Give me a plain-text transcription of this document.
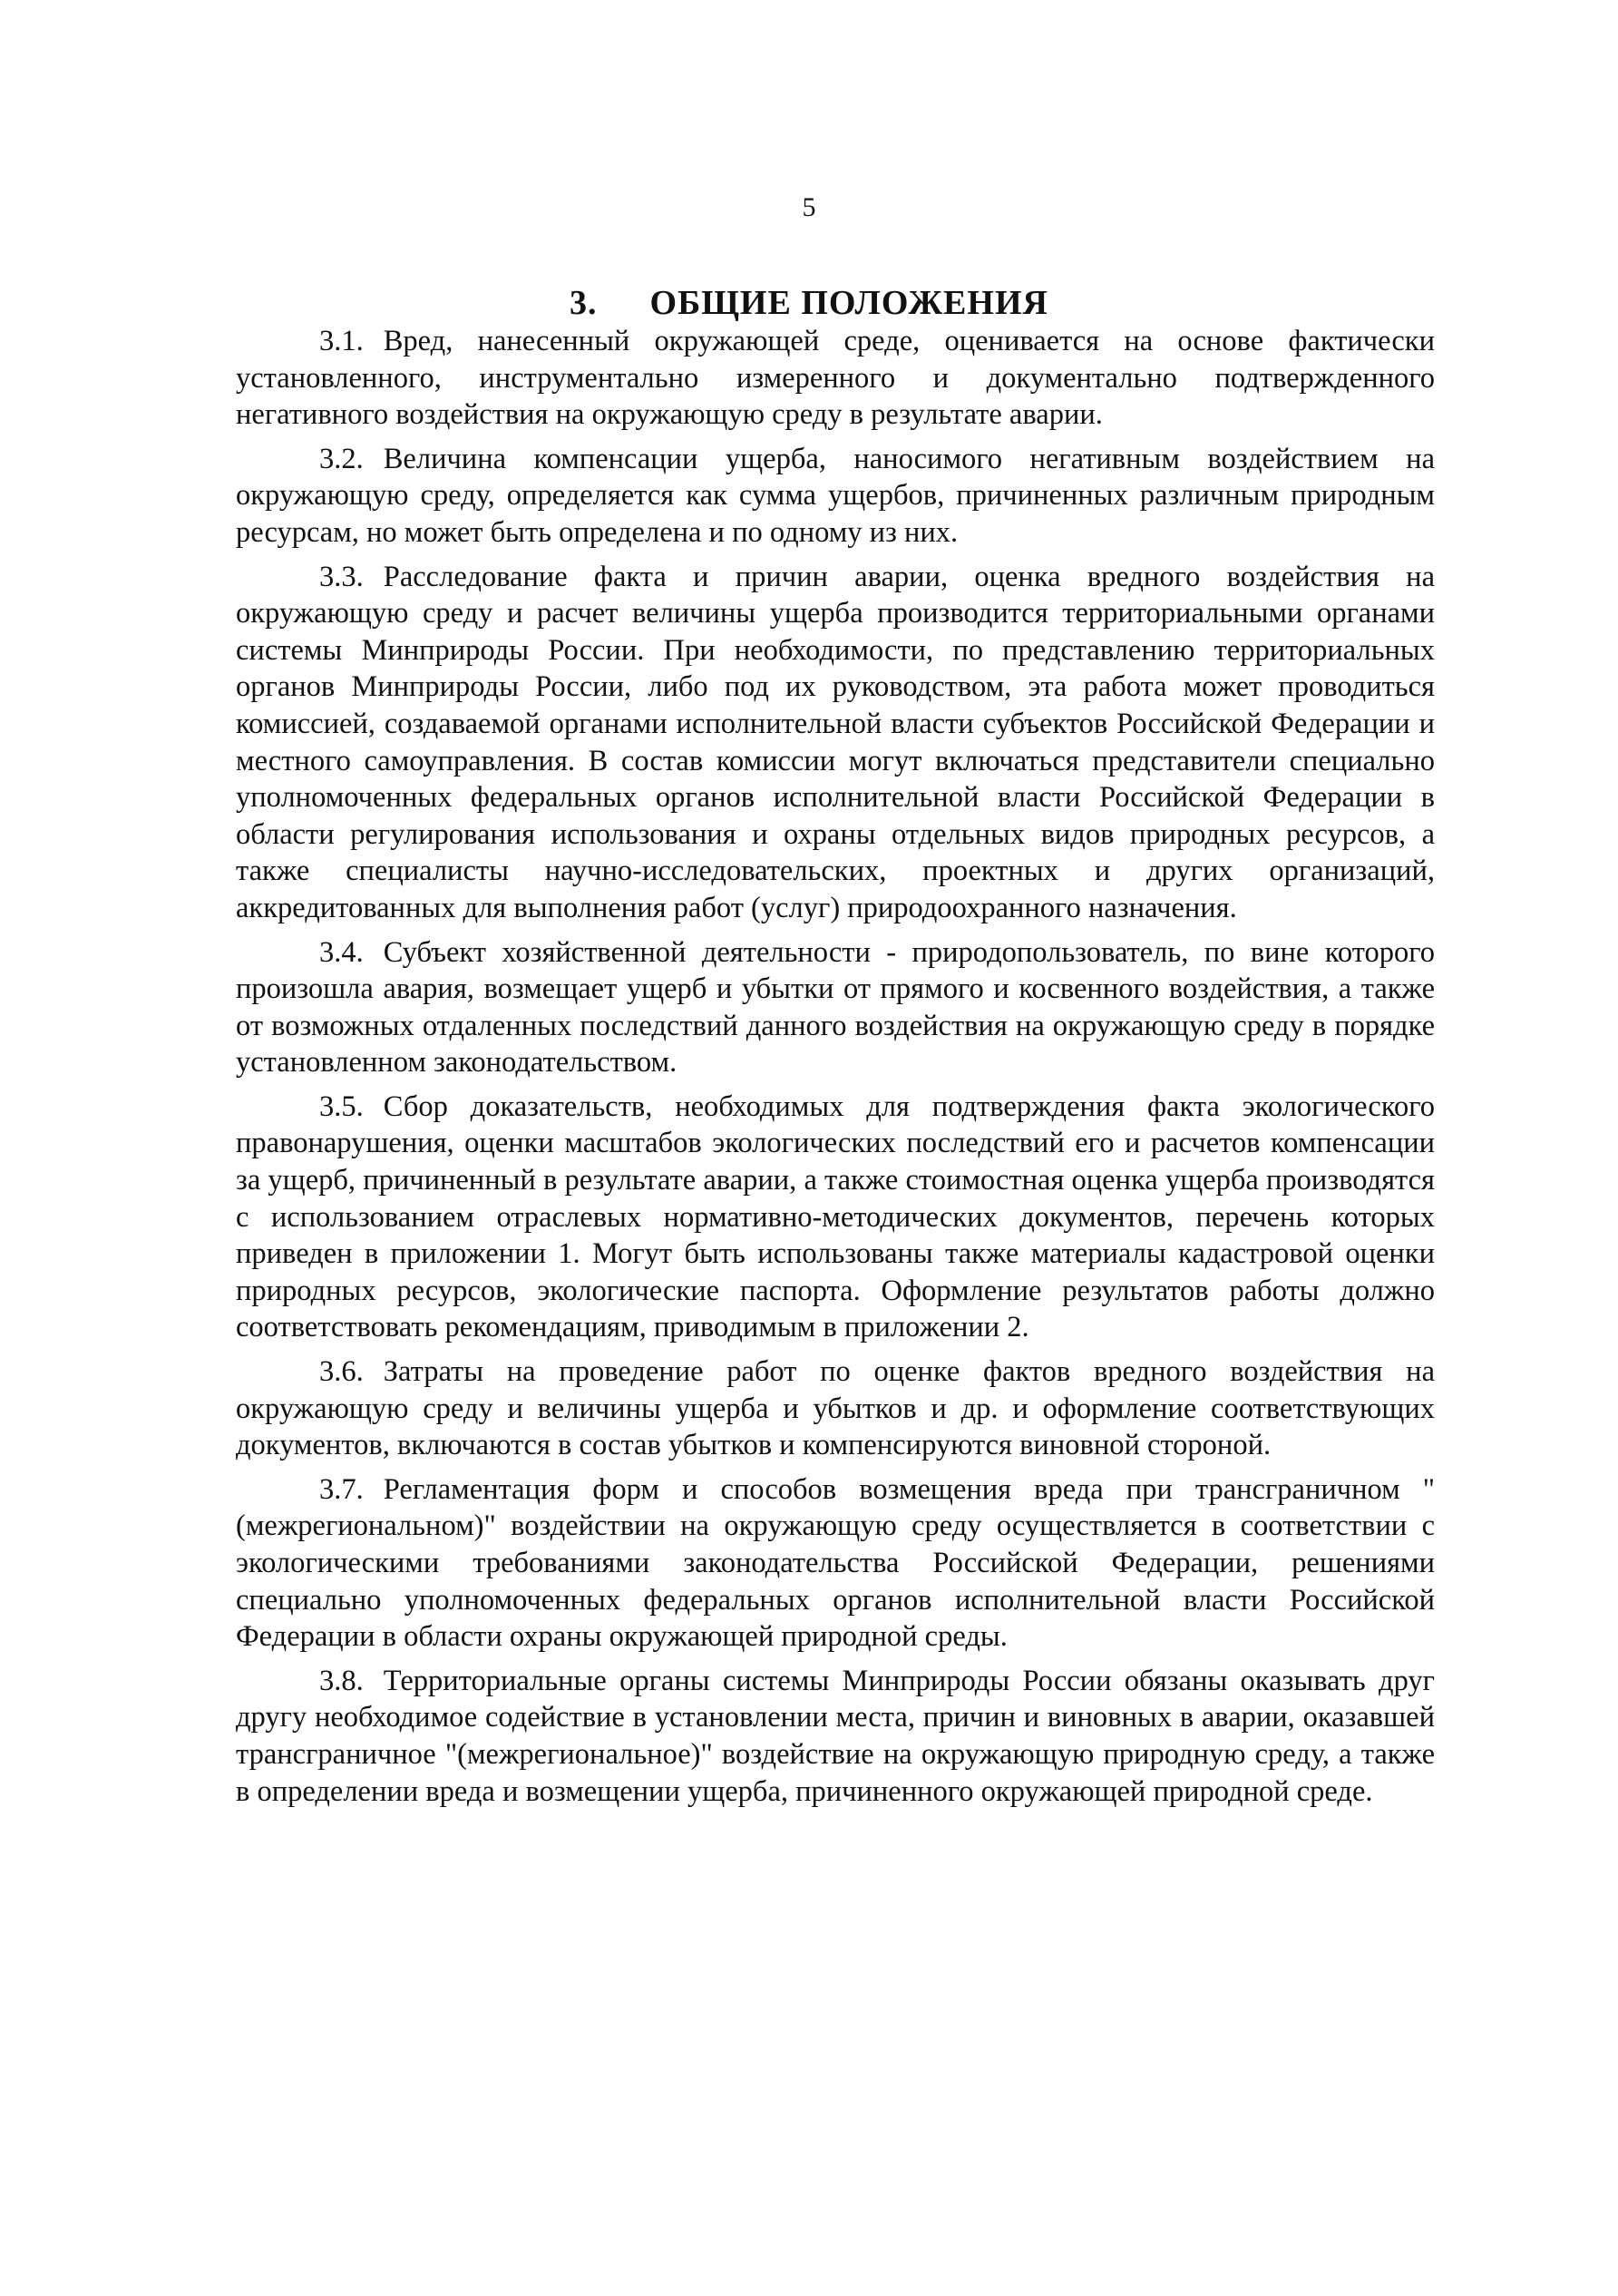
5
3. ОБЩИЕ ПОЛОЖЕНИЯ

3.1. Вред, нанесенный окружающей среде, оценивается на основе фактически установленного, инструментально измеренного и документально подтвержденного негативного воздействия на окружающую среду в результате аварии.

3.2. Величина компенсации ущерба, наносимого негативным воздействием на окружающую среду, определяется как сумма ущербов, причиненных различным природным ресурсам, но может быть определена и по одному из них.

3.3. Расследование факта и причин аварии, оценка вредного воздействия на окружающую среду и расчет величины ущерба производится территориальными органами системы Минприроды России. При необходимости, по представлению территориальных органов Минприроды России, либо под их руководством, эта работа может проводиться комиссией, создаваемой органами исполнительной власти субъектов Российской Федерации и местного самоуправления. В состав комиссии могут включаться представители специально уполномоченных федеральных органов исполнительной власти Российской Федерации в области регулирования использования и охраны отдельных видов природных ресурсов, а также специалисты научно-исследовательских, проектных и других организаций, аккредитованных для выполнения работ (услуг) природоохранного назначения.

3.4. Субъект хозяйственной деятельности - природопользователь, по вине которого произошла авария, возмещает ущерб и убытки от прямого и косвенного воздействия, а также от возможных отдаленных последствий данного воздействия на окружающую среду в порядке установленном законодательством.

3.5. Сбор доказательств, необходимых для подтверждения факта экологического правонарушения, оценки масштабов экологических последствий его и расчетов компенсации за ущерб, причиненный в результате аварии, а также стоимостная оценка ущерба производятся с использованием отраслевых нормативно-методических документов, перечень которых приведен в приложении 1. Могут быть использованы также материалы кадастровой оценки природных ресурсов, экологические паспорта. Оформление результатов работы должно соответствовать рекомендациям, приводимым в приложении 2.

3.6. Затраты на проведение работ по оценке фактов вредного воздействия на окружающую среду и величины ущерба и убытков и др. и оформление соответствующих документов, включаются в состав убытков и компенсируются виновной стороной.

3.7. Регламентация форм и способов возмещения вреда при трансграничном "(межрегиональном)" воздействии на окружающую среду осуществляется в соответствии с экологическими требованиями законодательства Российской Федерации, решениями специально уполномоченных федеральных органов исполнительной власти Российской Федерации в области охраны окружающей природной среды.

3.8. Территориальные органы системы Минприроды России обязаны оказывать друг другу необходимое содействие в установлении места, причин и виновных в аварии, оказавшей трансграничное "(межрегиональное)" воздействие на окружающую природную среду, а также в определении вреда и возмещении ущерба, причиненного окружающей природной среде.
